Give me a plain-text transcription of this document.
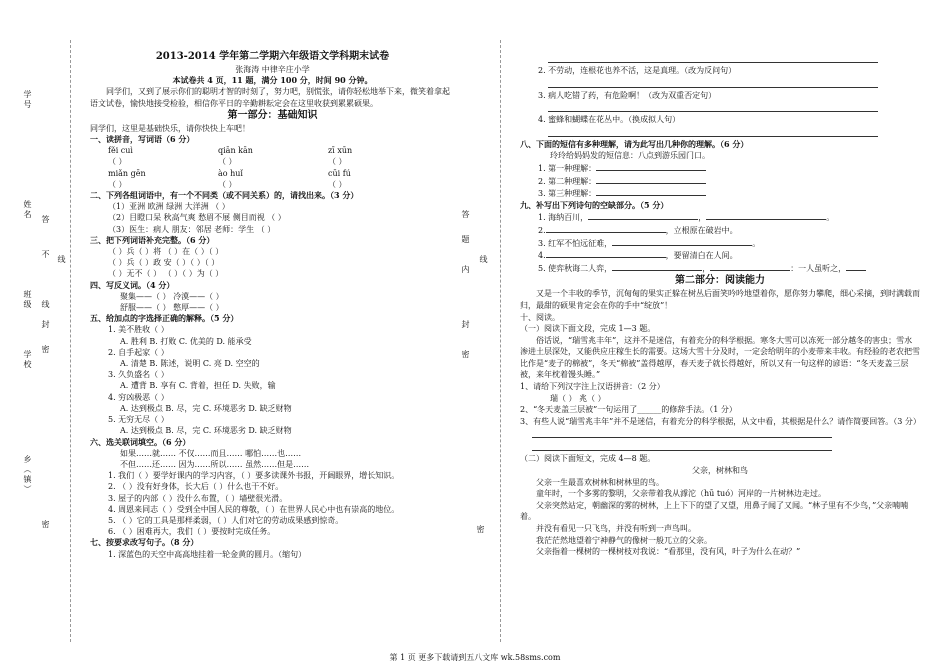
学号
姓名
班级
学校
乡（镇）
答
不
线
封
密
密
线
答
题
内
线
封
密
密
2013-2014 学年第二学期六年级语文学科期末试卷
张海涛 中律辛庄小学
本试卷共 4 页，11 题，满分 100 分，时间 90 分钟。
同学们，又到了展示你们的聪明才智的时刻了，努力吧，别慌张，请你轻松地举下来，微笑着拿起语文试卷，愉快地接受检验，相信你平日的辛勤耕耘定会在这里收获到累累硕果。
第一部分：基础知识
同学们，这里是基础快乐，请你快快上车吧！
一、读拼音，写词语（6 分）
fěi cuì	qiān kān	zī xūn
（ ）	（ ）	（ ）
miǎn gēn	ào huǐ	cūi fú
（ ）	（ ）	（ ）
二、下列各组词语中，有一个不同类（或不同关系）的，请找出来。（3 分）
（1）亚洲 欧洲 绿洲 大洋洲 （ ）
（2）目瞪口呆 秋高气爽 愁眉不展 侧目而视 （ ）
（3）医生：病人 朋友：邻居 老师：学生 （ ）
三、把下列词语补充完整。（6 分）
（ ）兵（ ）将 （ ）在（ ）（ ）
（ ）兵（ ）政 安（ ）（ ）（ ）
（ ）无不（ ） （ ）（ ）为（ ）
四、写反义词。（4 分）
聚集——（ ） 冷漠——（ ）
舒服——（ ） 憋厚——（ ）
五、给加点的字选择正确的解释。（5 分）
1. 美不胜收（ ）
A. 胜利 B. 打败 C. 优美的 D. 能承受
2. 自手起家（ ）
A. 清楚 B. 陈述，说明 C. 亮 D. 空空的
3. 久负盛名（ ）
A. 遭背 B. 享有 C. 背着，担任 D. 失败，输
4. 穷凶极恶（ ）
A. 达到极点 B. 尽，完 C. 环境恶劣 D. 缺乏财物
5. 无穷无尽（ ）
A. 达到极点 B. 尽，完 C. 环境恶劣 D. 缺乏财物
六、选关联词填空。（6 分）
如果……就…… 不仅……而且…… 哪怕……也……
不但……还…… 因为……所以…… 虽然……但是……
1. 我们（ ）要学好课内的学习内容，（ ）要多读课外书报，开阔眼界，增长知识。
2. （ ）没有好身体，长大后（ ）什么也干不好。
3. 屋子的内部（ ）没什么布置，（ ）墙壁很光滑。
4. 周恩来同志（ ）受到全中国人民的尊敬，（ ）在世界人民心中也有崇高的地位。
5. （ ）它的工具是那样柔弱，（ ）人们对它的劳动成果感到惊奇。
6. （ ）困难再大，我们（ ）要按时完成任务。
七、按要求改写句子。（8 分）
1. 深蓝色的天空中高高地挂着一轮金黄的圆月。（缩句）
2. 不劳动，连根花也养不活，这是真理。（改为反问句）
3. 病人吃错了药，有危险啊！（改为双重否定句）
4. 蜜蜂和蝴蝶在花丛中。（换成拟人句）
八、下面的短信有多种理解，请为此写出几种你的理解。（6 分）
玲玲给妈妈发的短信息：八点到游乐园门口。
1. 第一种理解：
2. 第二种理解：
3. 第三种理解：
九、补写出下列诗句的空缺部分。（5 分）
1. 海纳百川，	，	。
2.	，立根原在破岩中。
3. 红军不怕远征难，	。
4.	，要留清白在人间。
5. 使弈秋诲二人弈，	，	：一人虽听之，
第二部分：阅读能力
又是一个丰收的季节，沉甸甸的果实正躲在树丛后面笑吟吟地望着你，愿你努力攀爬，细心采摘，到时满载而归，最甜的硕果肯定会在你的手中“绽放”！
十、阅读。
（一）阅读下面文段，完成 1—3 题。
俗话说，“瑞雪兆丰年”，这并不是迷信，有着充分的科学根据。寒冬大雪可以冻死一部分越冬的害虫；雪水渗进土层深处，又能供应庄稼生长的需要。这场大雪十分及时，一定会给明年的小麦带来丰收。有经验的老农把雪比作是“麦子的棉被”，冬天“棉被”盖得越厚，春天麦子就长得越好，所以又有一句这样的谚语：“冬天麦盖三层被，来年枕着馒头睡。”
1、请给下列汉字注上汉语拼音：（2 分）
瑞（ ） 兆（ ）
2、“冬天麦盖三层被”一句运用了______的修辞手法。（1 分）
3、有些人说“瑞雪兆丰年”并不是迷信，有着充分的科学根据，从文中看，其根据是什么？请作简要回答。（3 分）
（二）阅读下面短文，完成 4—8 题。
父亲，树林和鸟
父亲一生最喜欢树林和树林里的鸟。
童年时，一个多雾的黎明，父亲带着我从滹沱（hū tuó）河岸的一片树林边走过。
父亲突然站定，朝幽深的雾的树林，上上下下的望了又望，用鼻子闻了又闻。“林子里有不少鸟，”父亲喃喃着。
并没有看见一只飞鸟，并没有听到一声鸟叫。
我茫茫然地望着宁神静气的像树一般兀立的父亲。
父亲指着一棵树的一棵树枝对我说：“看那里，没有风，叶子为什么在动？”
第 1 页 更多下载请到五八文库 wk.58sms.com
